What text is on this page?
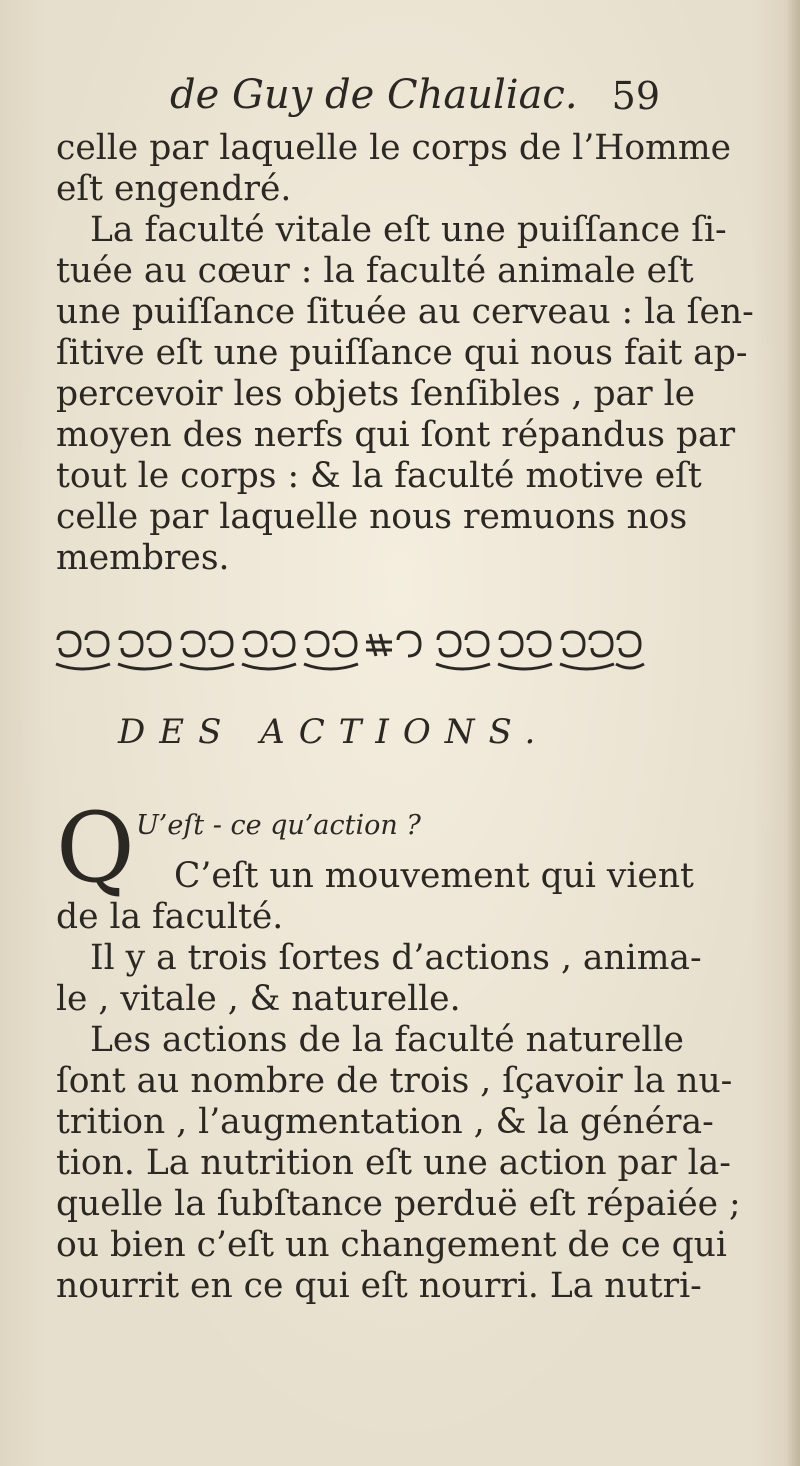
de Guy de Chauliac. 59
celle par laquelle le corps de l’Homme
eſt engendré.
La faculté vitale eſt une puiſſance ſi-
tuée au cœur : la faculté animale eſt
une puiſſance ſituée au cerveau : la ſen-
ſitive eſt une puiſſance qui nous fait ap-
percevoir les objets ſenſibles , par le
moyen des nerfs qui ſont répandus par
tout le corps : & la faculté motive eſt
celle par laquelle nous remuons nos
membres.
DES ACTIONS.
Q U’eſt - ce qu’action ?
C’eſt un mouvement qui vient
de la faculté.
Il y a trois ſortes d’actions , anima-
le , vitale , & naturelle.
Les actions de la faculté naturelle
ſont au nombre de trois , ſçavoir la nu-
trition , l’augmentation , & la généra-
tion. La nutrition eſt une action par la-
quelle la ſubſtance perduë eſt répaiée ;
ou bien c’eſt un changement de ce qui
nourrit en ce qui eſt nourri. La nutri-
